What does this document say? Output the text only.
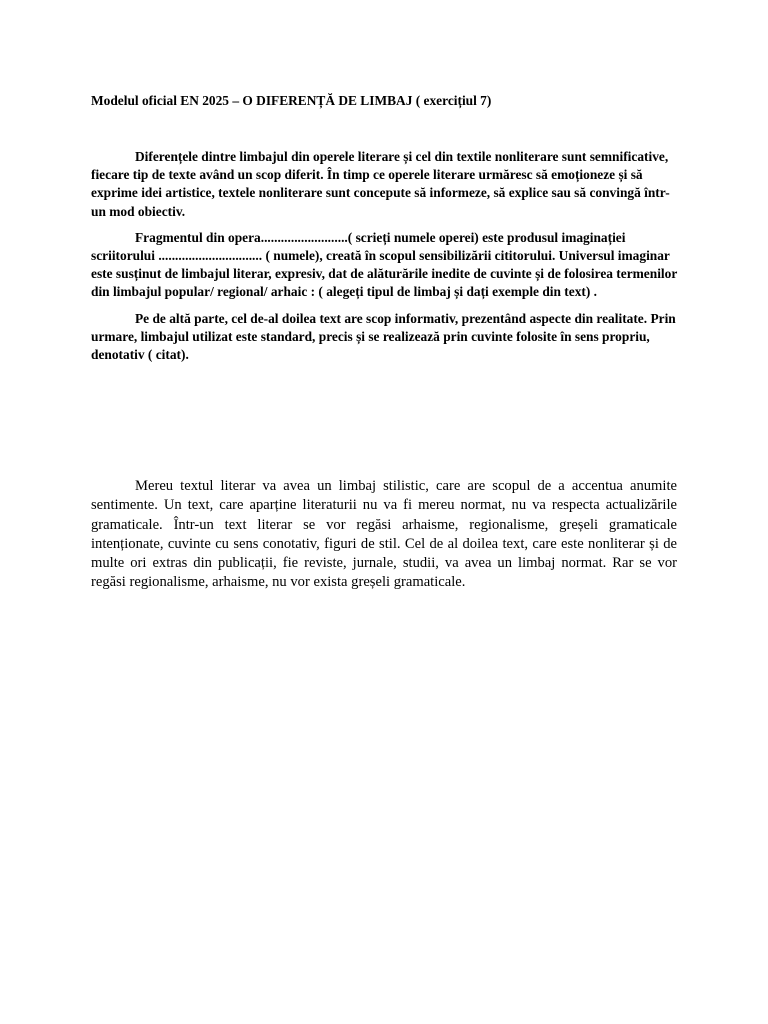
Modelul oficial EN 2025 – O DIFERENȚĂ DE LIMBAJ ( exercițiul 7)

Diferențele dintre limbajul din operele literare și cel din textile nonliterare sunt semnificative, fiecare tip de texte având un scop diferit. În timp ce operele literare urmăresc să emoționeze și să exprime idei artistice, textele nonliterare sunt concepute să informeze, să explice sau să convingă într-un mod obiectiv.

Fragmentul din opera..........................( scrieți numele operei) este produsul imaginației scriitorului ............................... ( numele), creată în scopul sensibilizării cititorului. Universul imaginar este susținut de limbajul literar, expresiv, dat de alăturările inedite de cuvinte și de folosirea termenilor din limbajul popular/ regional/ arhaic : ( alegeți tipul de limbaj și dați exemple din text) .

Pe de altă parte, cel de-al doilea text are scop informativ, prezentând aspecte din realitate. Prin urmare, limbajul utilizat este standard, precis și se realizează prin cuvinte folosite în sens propriu, denotativ ( citat).

Mereu textul literar va avea un limbaj stilistic, care are scopul de a accentua anumite sentimente. Un text, care aparține literaturii nu va fi mereu normat, nu va respecta actualizările gramaticale. Într-un text literar se vor regăsi arhaisme, regionalisme, greșeli gramaticale intenționate, cuvinte cu sens conotativ, figuri de stil. Cel de al doilea text, care este nonliterar și de multe ori extras din publicații, fie reviste, jurnale, studii, va avea un limbaj normat. Rar se vor regăsi regionalisme, arhaisme, nu vor exista greșeli gramaticale.
